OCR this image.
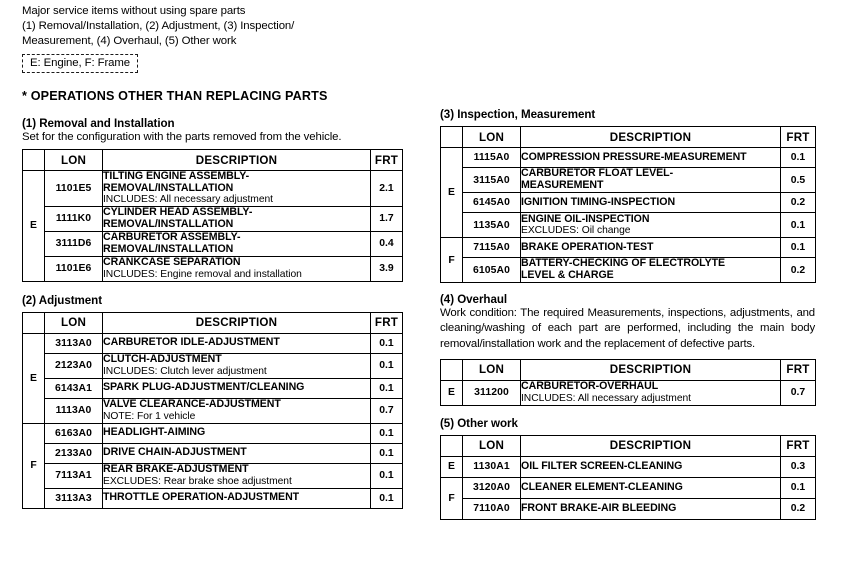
Major service items without using spare parts
(1) Removal/Installation, (2) Adjustment, (3) Inspection/
Measurement, (4) Overhaul, (5) Other work
E: Engine, F: Frame
* OPERATIONS OTHER THAN REPLACING PARTS
(1) Removal and Installation
Set for the configuration with the parts removed from the vehicle.
	LON	DESCRIPTION	FRT
E	1101E5	TILTING ENGINE ASSEMBLY-REMOVAL/INSTALLATION
INCLUDES: All necessary adjustment	2.1
	1111K0	CYLINDER HEAD ASSEMBLY-REMOVAL/INSTALLATION	1.7
	3111D6	CARBURETOR ASSEMBLY-REMOVAL/INSTALLATION	0.4
	1101E6	CRANKCASE SEPARATION
INCLUDES: Engine removal and installation	3.9
(2) Adjustment
	LON	DESCRIPTION	FRT
E	3113A0	CARBURETOR IDLE-ADJUSTMENT	0.1
	2123A0	CLUTCH-ADJUSTMENT
INCLUDES: Clutch lever adjustment	0.1
	6143A1	SPARK PLUG-ADJUSTMENT/CLEANING	0.1
	1113A0	VALVE CLEARANCE-ADJUSTMENT
NOTE: For 1 vehicle	0.7
F	6163A0	HEADLIGHT-AIMING	0.1
	2133A0	DRIVE CHAIN-ADJUSTMENT	0.1
	7113A1	REAR BRAKE-ADJUSTMENT
EXCLUDES: Rear brake shoe adjustment	0.1
	3113A3	THROTTLE OPERATION-ADJUSTMENT	0.1
(3) Inspection, Measurement
	LON	DESCRIPTION	FRT
E	1115A0	COMPRESSION PRESSURE-MEASUREMENT	0.1
	3115A0	CARBURETOR FLOAT LEVEL-MEASUREMENT	0.5
	6145A0	IGNITION TIMING-INSPECTION	0.2
	1135A0	ENGINE OIL-INSPECTION
EXCLUDES: Oil change	0.1
F	7115A0	BRAKE OPERATION-TEST	0.1
	6105A0	BATTERY-CHECKING OF ELECTROLYTE LEVEL & CHARGE	0.2
(4) Overhaul
Work condition: The required Measurements, inspections, adjustments, and cleaning/washing of each part are performed, including the main body removal/installation work and the replacement of defective parts.
	LON	DESCRIPTION	FRT
E	311200	CARBURETOR-OVERHAUL
INCLUDES: All necessary adjustment	0.7
(5) Other work
	LON	DESCRIPTION	FRT
E	1130A1	OIL FILTER SCREEN-CLEANING	0.3
F	3120A0	CLEANER ELEMENT-CLEANING	0.1
	7110A0	FRONT BRAKE-AIR BLEEDING	0.2
